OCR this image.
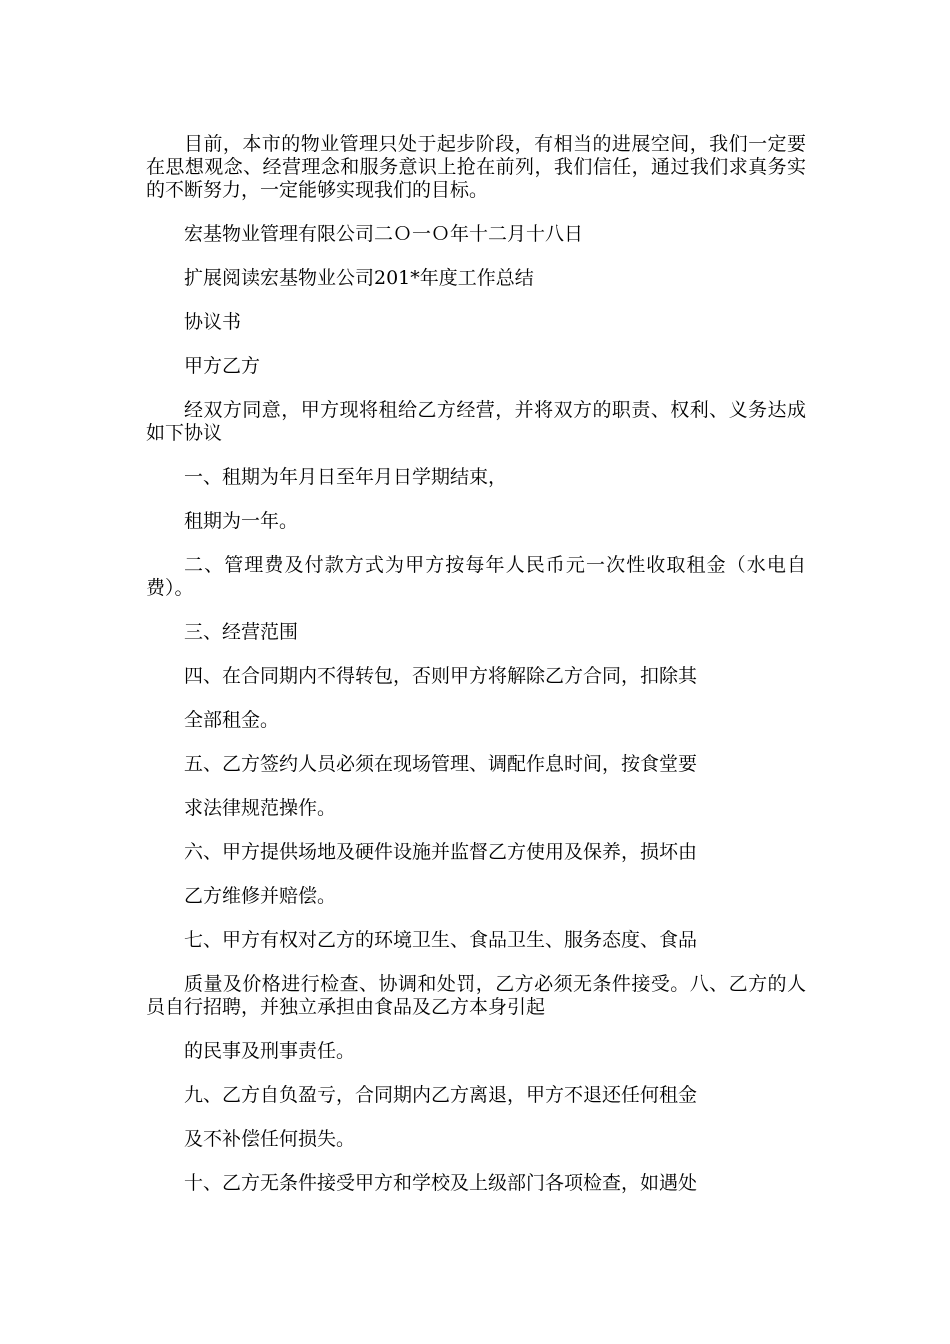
目前，本市的物业管理只处于起步阶段，有相当的进展空间，我们一定要在思想观念、经营理念和服务意识上抢在前列，我们信任，通过我们求真务实的不断努力，一定能够实现我们的目标。

宏基物业管理有限公司二Ｏ一Ｏ年十二月十八日

扩展阅读宏基物业公司201*年度工作总结

协议书

甲方乙方

经双方同意，甲方现将租给乙方经营，并将双方的职责、权利、义务达成如下协议

一、租期为年月日至年月日学期结束，

租期为一年。

二、管理费及付款方式为甲方按每年人民币元一次性收取租金（水电自费）。

三、经营范围

四、在合同期内不得转包，否则甲方将解除乙方合同，扣除其

全部租金。

五、乙方签约人员必须在现场管理、调配作息时间，按食堂要

求法律规范操作。

六、甲方提供场地及硬件设施并监督乙方使用及保养，损坏由

乙方维修并赔偿。

七、甲方有权对乙方的环境卫生、食品卫生、服务态度、食品

质量及价格进行检查、协调和处罚，乙方必须无条件接受。八、乙方的人员自行招聘，并独立承担由食品及乙方本身引起

的民事及刑事责任。

九、乙方自负盈亏，合同期内乙方离退，甲方不退还任何租金

及不补偿任何损失。

十、乙方无条件接受甲方和学校及上级部门各项检查，如遇处
